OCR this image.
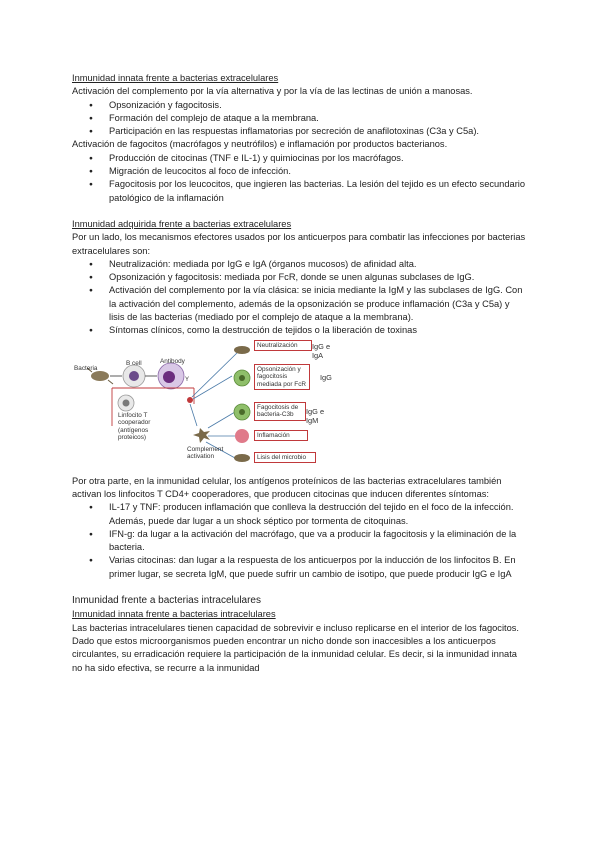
Inmunidad innata frente a bacterias extracelulares
Activación del complemento por la vía alternativa y por la vía de las lectinas de unión a manosas.
● Opsonización y fagocitosis.
● Formación del complejo de ataque a la membrana.
● Participación en las respuestas inflamatorias por secreción de anafilotoxinas (C3a y C5a).
Activación de fagocitos (macrófagos y neutrófilos) e inflamación por productos bacterianos.
● Producción de citocinas (TNF e IL-1) y quimiocinas por los macrófagos.
● Migración de leucocitos al foco de infección.
● Fagocitosis por los leucocitos, que ingieren las bacterias. La lesión del tejido es un efecto secundario patológico de la inflamación
Inmunidad adquirida frente a bacterias extracelulares
Por un lado, los mecanismos efectores usados por los anticuerpos para combatir las infecciones por bacterias extracelulares son:
● Neutralización: mediada por IgG e IgA (órganos mucosos) de afinidad alta.
● Opsonización y fagocitosis: mediada por FcR, donde se unen algunas subclases de IgG.
● Activación del complemento por la vía clásica: se inicia mediante la IgM y las subclases de IgG. Con la activación del complemento, además de la opsonización se produce inflamación (C3a y C5a) y lisis de las bacterias (mediado por el complejo de ataque a la membrana).
● Síntomas clínicos, como la destrucción de tejidos o la liberación de toxinas
Y
Bacteria
B cell	Antibody
Linfocito T cooperador (antígenos proteicos)
Complement activation
Neutralización	IgG e IgA
Opsonización y fagocitosis mediada por FcR
IgG
Fagocitosis de bacteria-C3b	IgG e IgM
Inflamación
Lisis del microbio
Por otra parte, en la inmunidad celular, los antígenos proteínicos de las bacterias extracelulares también activan los linfocitos T CD4+ cooperadores, que producen citocinas que inducen diferentes síntomas:
● IL-17 y TNF: producen inflamación que conlleva la destrucción del tejido en el foco de la infección. Además, puede dar lugar a un shock séptico por tormenta de citoquinas.
● IFN-g: da lugar a la activación del macrófago, que va a producir la fagocitosis y la eliminación de la bacteria.
● Varias citocinas: dan lugar a la respuesta de los anticuerpos por la inducción de los linfocitos B. En primer lugar, se secreta IgM, que puede sufrir un cambio de isotipo, que puede producir IgG e IgA
Inmunidad frente a bacterias intracelulares
Inmunidad innata frente a bacterias intracelulares
Las bacterias intracelulares tienen capacidad de sobrevivir e incluso replicarse en el interior de los fagocitos. Dado que estos microorganismos pueden encontrar un nicho donde son inaccesibles a los anticuerpos circulantes, su erradicación requiere la participación de la inmunidad celular. Es decir, si la inmunidad innata no ha sido efectiva, se recurre a la inmunidad
